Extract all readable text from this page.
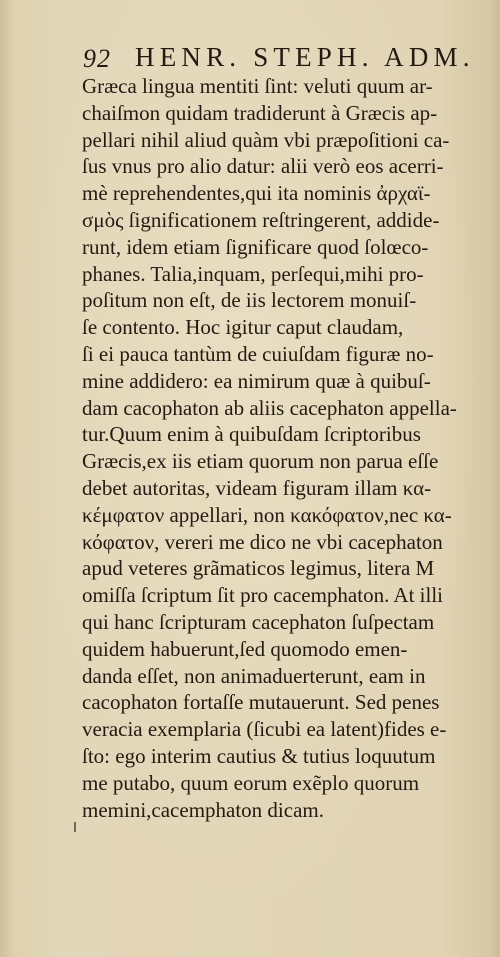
92 HENR. STEPH. ADM.
Græca lingua mentiti ſint: veluti quum ar-
chaiſmon quidam tradiderunt à Græcis ap-
pellari nihil aliud quàm vbi præpoſitioni ca-
ſus vnus pro alio datur: alii verò eos acerri-
mè reprehendentes,qui ita nominis ἀρχαϊ-
σμὸς ſignificationem reſtringerent, addide-
runt, idem etiam ſignificare quod ſolœco-
phanes. Talia,inquam, perſequi,mihi pro-
poſitum non eſt, de iis lectorem monuiſ-
ſe contento. Hoc igitur caput claudam,
ſi ei pauca tantùm de cuiuſdam figuræ no-
mine addidero: ea nimirum quæ à quibuſ-
dam cacophaton ab aliis cacephaton appella-
tur.Quum enim à quibuſdam ſcriptoribus
Græcis,ex iis etiam quorum non parua eſſe
debet autoritas, videam figuram illam κα-
κέμφατον appellari, non κακόφατον,nec κα-
κόφατον, vereri me dico ne vbi cacephaton
apud veteres grãmaticos legimus, litera M
omiſſa ſcriptum ſit pro cacemphaton. At illi
qui hanc ſcripturam cacephaton ſuſpectam
quidem habuerunt,ſed quomodo emen-
danda eſſet, non animaduerterunt, eam in
cacophaton fortaſſe mutauerunt. Sed penes
veracia exemplaria (ſicubi ea latent)fides e-
ſto: ego interim cautius & tutius loquutum
me putabo, quum eorum exẽplo quorum
memini,cacemphaton dicam.
